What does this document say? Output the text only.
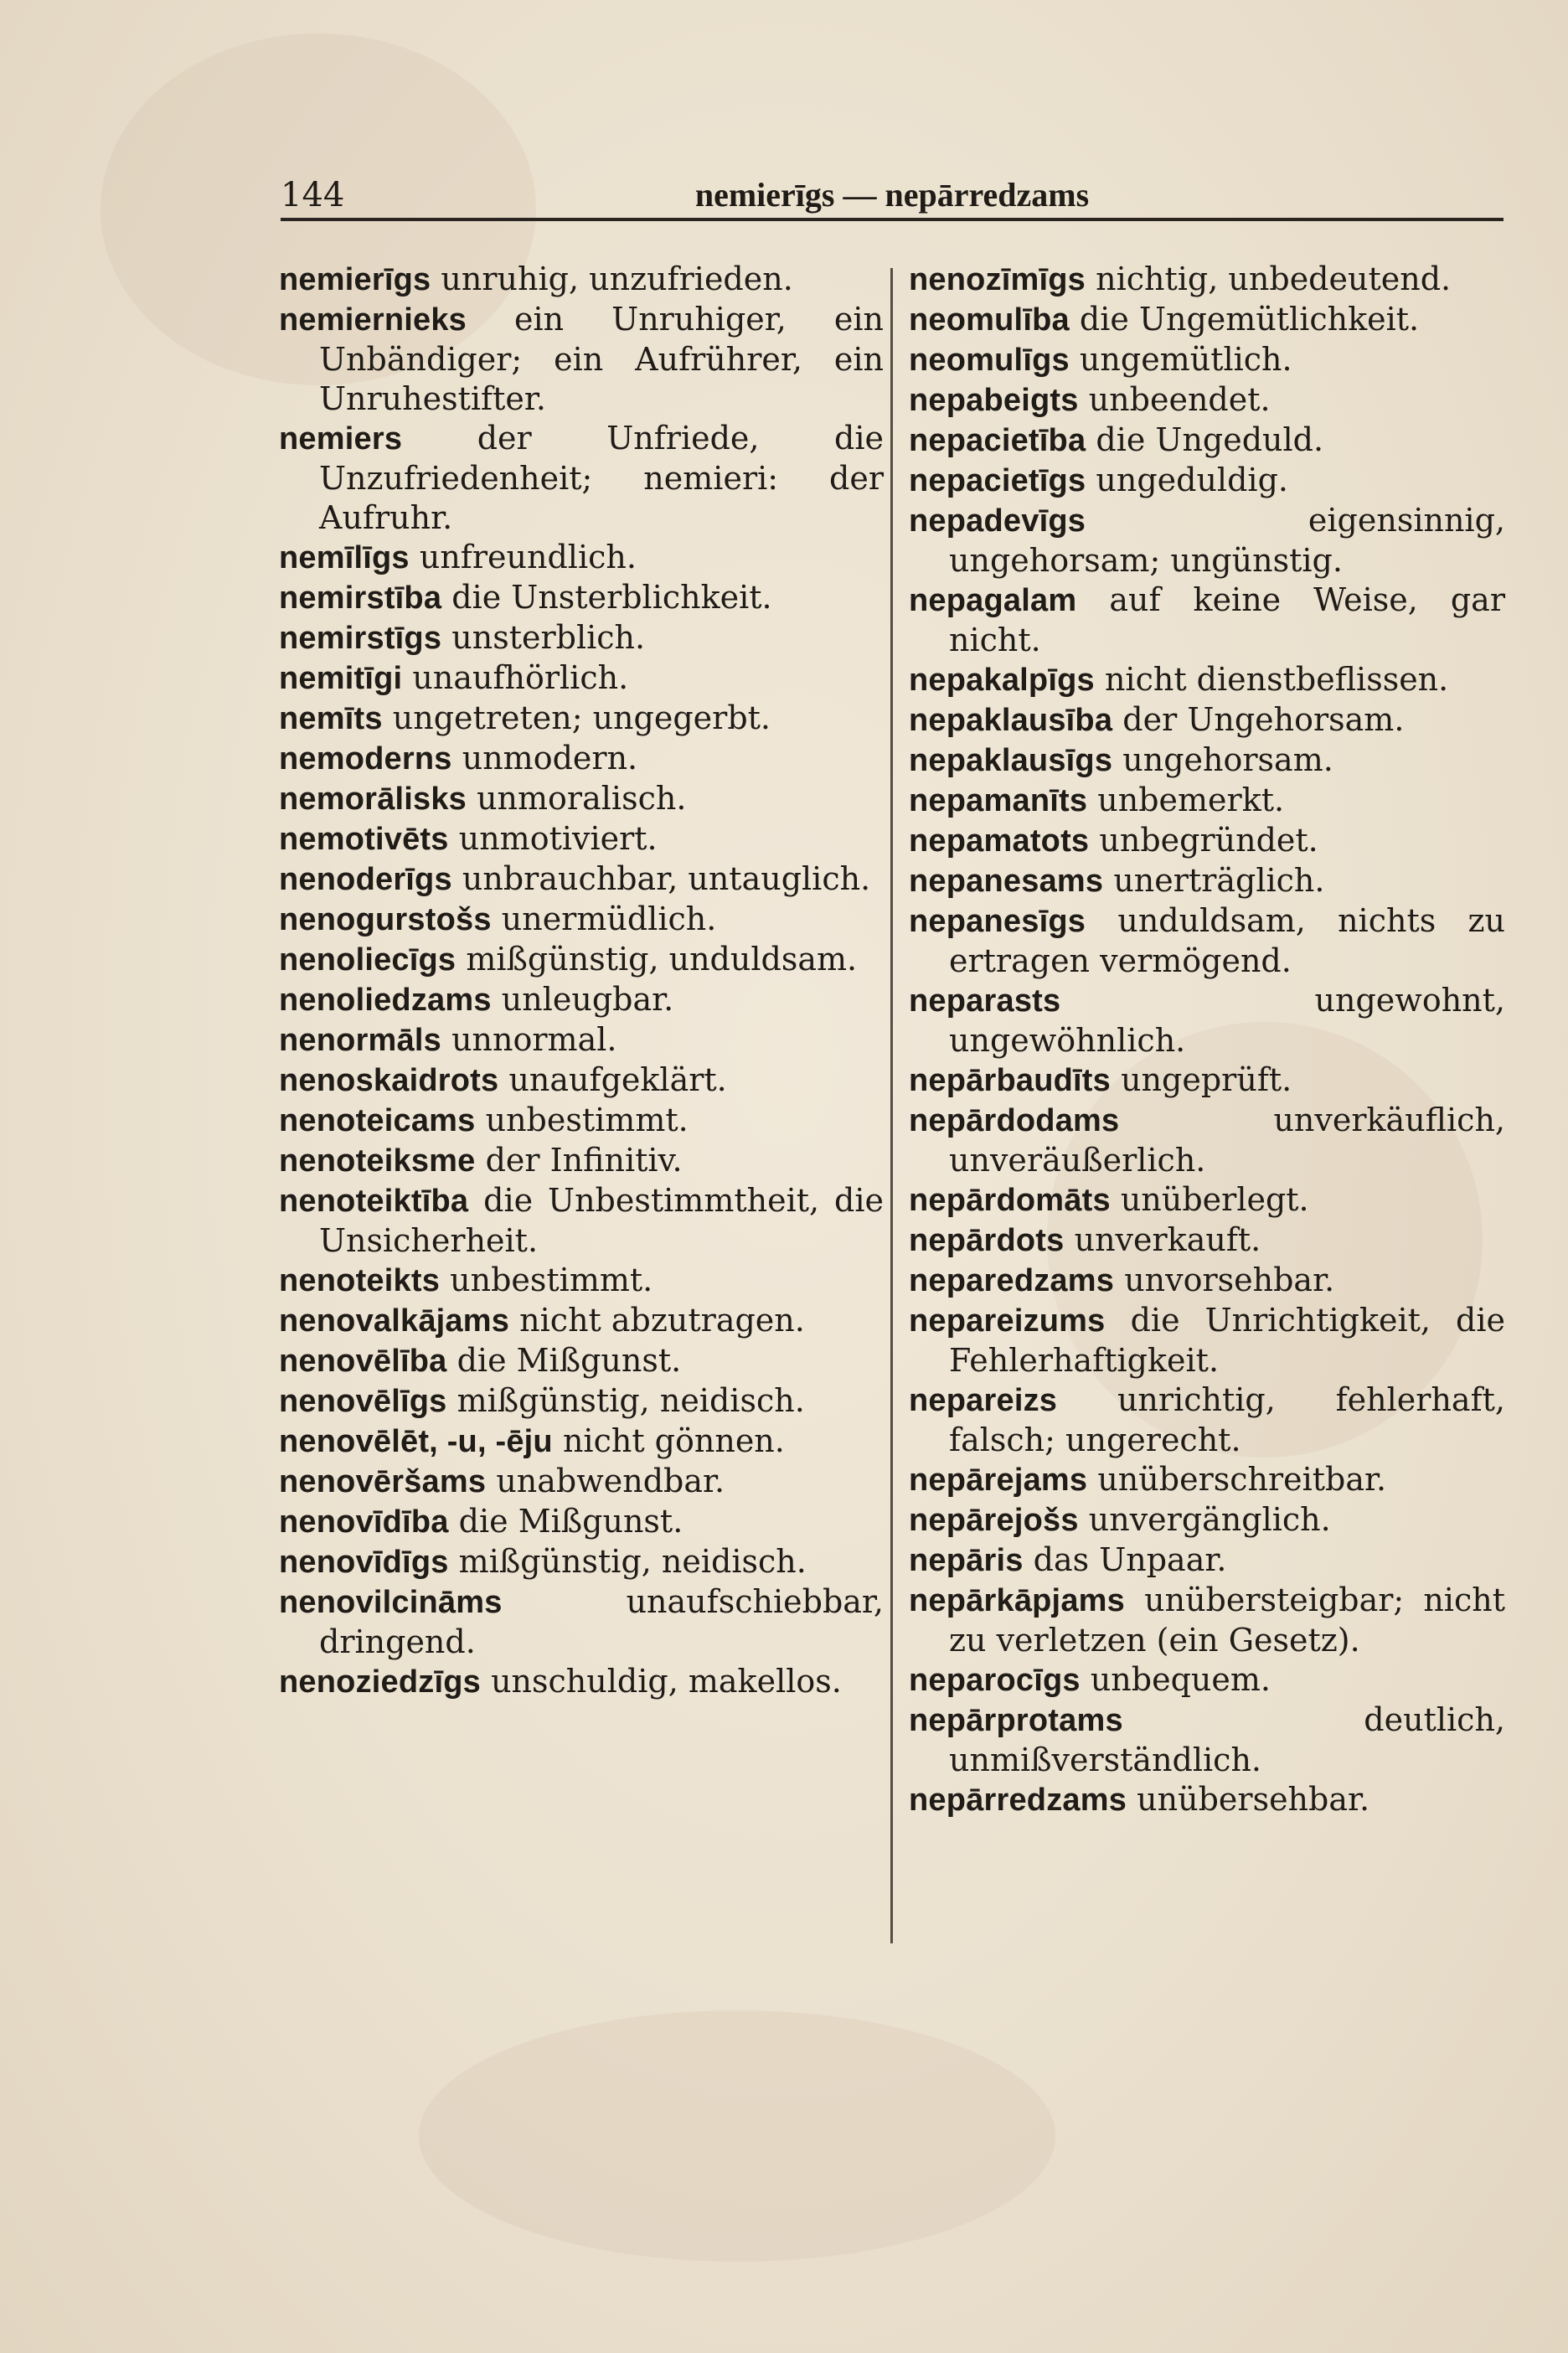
144	nemierīgs — nepārredzams

nemierīgs unruhig, unzufrieden.

nemiernieks ein Unruhiger, ein Unbändiger; ein Aufrührer, ein Unruhestifter.

nemiers der Unfriede, die Unzufriedenheit; nemieri: der Aufruhr.

nemīlīgs unfreundlich.

nemirstība die Unsterblichkeit.

nemirstīgs unsterblich.

nemitīgi unaufhörlich.

nemīts ungetreten; ungegerbt.

nemoderns unmodern.

nemorālisks unmoralisch.

nemotivēts unmotiviert.

nenoderīgs unbrauchbar, untauglich.

nenogurstošs unermüdlich.

nenoliecīgs mißgünstig, unduldsam.

nenoliedzams unleugbar.

nenormāls unnormal.

nenoskaidrots unaufgeklärt.

nenoteicams unbestimmt.

nenoteiksme der Infinitiv.

nenoteiktība die Unbestimmtheit, die Unsicherheit.

nenoteikts unbestimmt.

nenovalkājams nicht abzutragen.

nenovēlība die Mißgunst.

nenovēlīgs mißgünstig, neidisch.

nenovēlēt, -u, -ēju nicht gönnen.

nenovēršams unabwendbar.

nenovīdība die Mißgunst.

nenovīdīgs mißgünstig, neidisch.

nenovilcināms	unaufschiebbar, dringend.

nenoziedzīgs unschuldig, makellos.

nenozīmīgs nichtig, unbedeutend.

neomulība die Ungemütlichkeit.

neomulīgs ungemütlich.

nepabeigts unbeendet.

nepacietība die Ungeduld.

nepacietīgs ungeduldig.

nepadevīgs	eigensinnig, ungehorsam; ungünstig.

nepagalam auf keine Weise, gar nicht.

nepakalpīgs nicht dienstbeflissen.

nepaklausība der Ungehorsam.

nepaklausīgs ungehorsam.

nepamanīts unbemerkt.

nepamatots unbegründet.

nepanesams unerträglich.

nepanesīgs unduldsam, nichts zu ertragen vermögend.

neparasts	ungewohnt, ungewöhnlich.

nepārbaudīts ungeprüft.

nepārdodams	unverkäuflich, unveräußerlich.

nepārdomāts unüberlegt.

nepārdots unverkauft.

neparedzams unvorsehbar.

nepareizums die Unrichtigkeit, die Fehlerhaftigkeit.

nepareizs unrichtig, fehlerhaft, falsch; ungerecht.

nepārejams unüberschreitbar.

nepārejošs unvergänglich.

nepāris das Unpaar.

nepārkāpjams unübersteigbar; nicht zu verletzen (ein Gesetz).

neparocīgs unbequem.

nepārprotams	deutlich, unmißverständlich.

nepārredzams unübersehbar.
